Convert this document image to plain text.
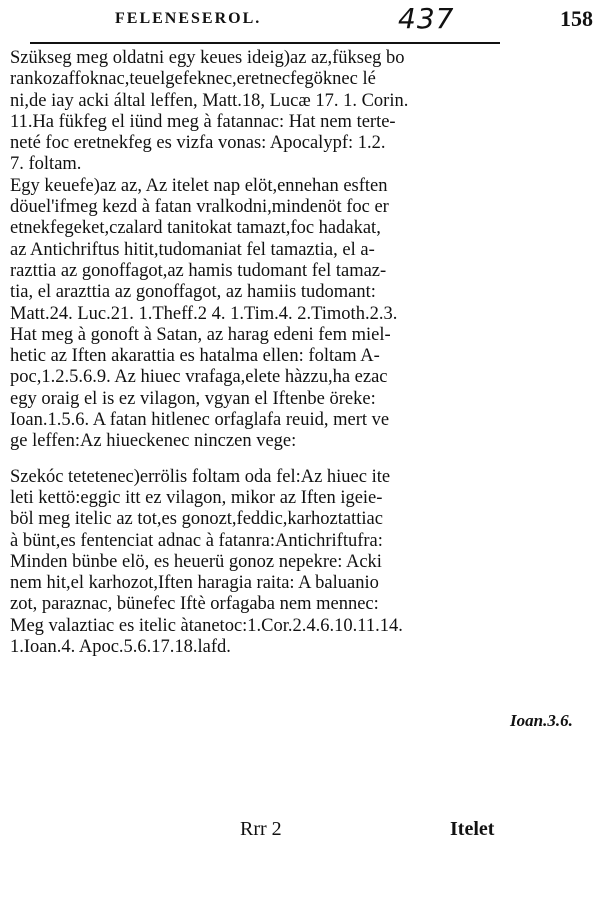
FELENESEROL.	437	158
Szükseg meg oldatni egy keues ideig)az az,fükseg bo
rankozaffoknac,teuelgefeknec,eretnecfegöknec lé
ni,de iay acki által leffen, Matt.18, Lucæ 17. 1. Corin.
11.Ha fükfeg el iünd meg à fatannac: Hat nem terte-
neté foc eretnekfeg es vizfa vonas: Apocalypf: 1.2.
7. foltam.
Egy keuefe)az az, Az itelet nap elöt,ennehan esften
döuel'ifmeg kezd à fatan vralkodni,mindenöt foc er
etnekfegeket,czalard tanitokat tamazt,foc hadakat,
az Antichriftus hitit,tudomaniat fel tamaztia, el a-
razttia az gonoffagot,az hamis tudomant fel tamaz-
tia, el arazttia az gonoffagot, az hamiis tudomant:
Matt.24. Luc.21. 1.Theff.2 4. 1.Tim.4. 2.Timoth.2.3.
Hat meg à gonoft à Satan, az harag edeni fem miel-
hetic az Iften akarattia es hatalma ellen: foltam A-
poc,1.2.5.6.9. Az hiuec vrafaga,elete hàzzu,ha ezac
egy oraig el is ez vilagon, vgyan el Iftenbe öreke:
Ioan.1.5.6. A fatan hitlenec orfaglafa reuid, mert ve
ge leffen:Az hiueckenec ninczen vege:
Szekóc tetetenec)errölis foltam oda fel:Az hiuec ite
leti kettö:eggic itt ez vilagon, mikor az Iften igeie-
böl meg itelic az tot,es gonozt,feddic,karhoztattiac
à bünt,es fentenciat adnac à fatanra:Antichriftufra:
Minden bünbe elö, es heuerü gonoz nepekre: Acki
nem hit,el karhozot,Iften haragia raita: A baluanio
zot, paraznac, bünefec Iftè orfagaba nem mennec:
Meg valaztiac es itelic àtanetoc:1.Cor.2.4.6.10.11.14.
1.Ioan.4. Apoc.5.6.17.18.lafd.
Ioan.3.6.
Rrr 2	Itelet
